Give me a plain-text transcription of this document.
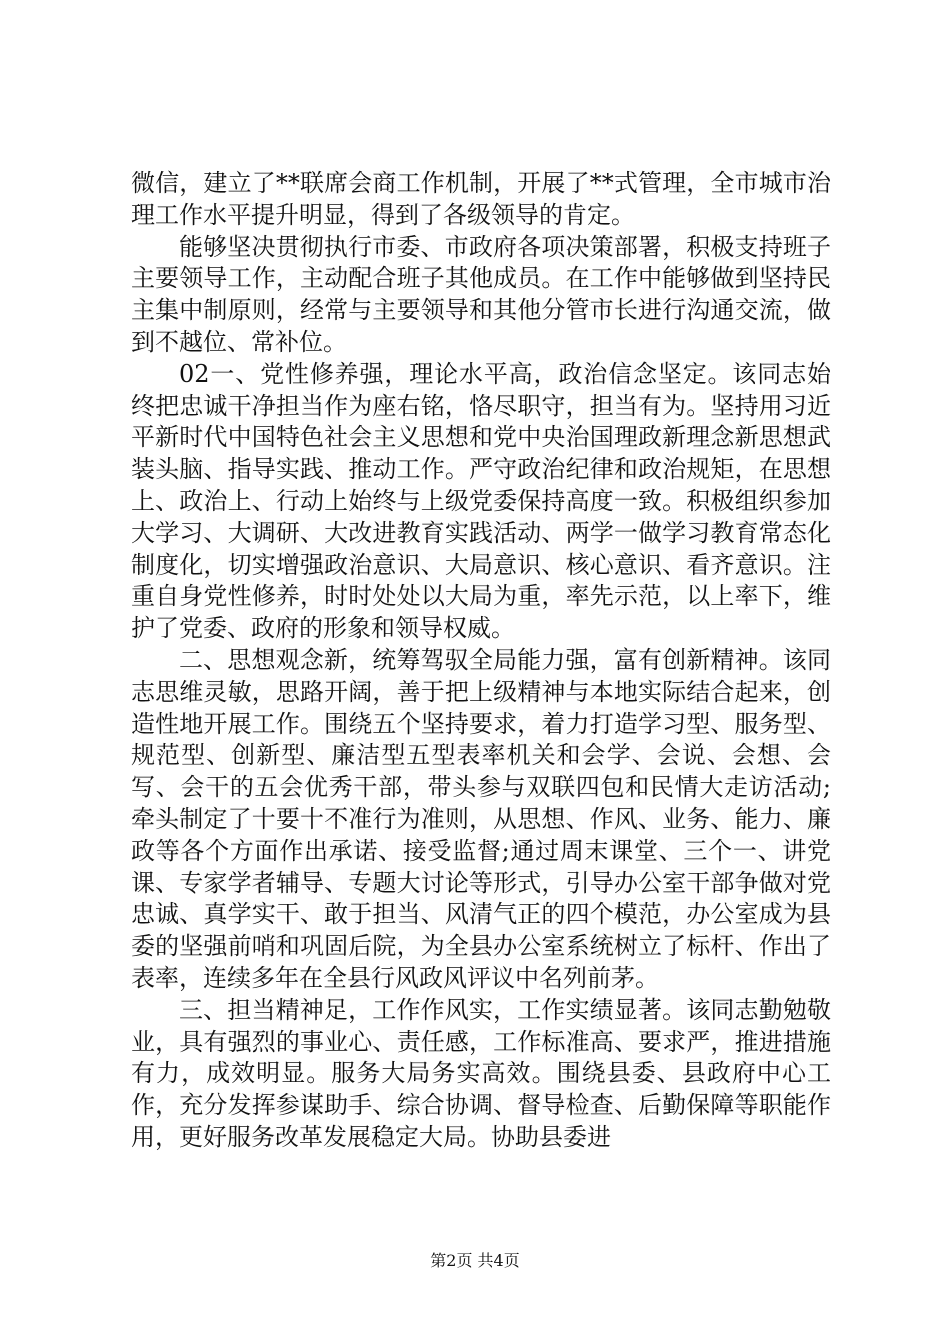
微信，建立了**联席会商工作机制，开展了**式管理，全市城市治理工作水平提升明显，得到了各级领导的肯定。

能够坚决贯彻执行市委、市政府各项决策部署，积极支持班子主要领导工作，主动配合班子其他成员。在工作中能够做到坚持民主集中制原则，经常与主要领导和其他分管市长进行沟通交流，做到不越位、常补位。

02一、党性修养强，理论水平高，政治信念坚定。该同志始终把忠诚干净担当作为座右铭，恪尽职守，担当有为。坚持用习近平新时代中国特色社会主义思想和党中央治国理政新理念新思想武装头脑、指导实践、推动工作。严守政治纪律和政治规矩，在思想上、政治上、行动上始终与上级党委保持高度一致。积极组织参加大学习、大调研、大改进教育实践活动、两学一做学习教育常态化制度化，切实增强政治意识、大局意识、核心意识、看齐意识。注重自身党性修养，时时处处以大局为重，率先示范，以上率下，维护了党委、政府的形象和领导权威。

二、思想观念新，统筹驾驭全局能力强，富有创新精神。该同志思维灵敏，思路开阔，善于把上级精神与本地实际结合起来，创造性地开展工作。围绕五个坚持要求，着力打造学习型、服务型、规范型、创新型、廉洁型五型表率机关和会学、会说、会想、会写、会干的五会优秀干部，带头参与双联四包和民情大走访活动;牵头制定了十要十不准行为准则，从思想、作风、业务、能力、廉政等各个方面作出承诺、接受监督;通过周末课堂、三个一、讲党课、专家学者辅导、专题大讨论等形式，引导办公室干部争做对党忠诚、真学实干、敢于担当、风清气正的四个模范，办公室成为县委的坚强前哨和巩固后院，为全县办公室系统树立了标杆、作出了表率，连续多年在全县行风政风评议中名列前茅。

三、担当精神足，工作作风实，工作实绩显著。该同志勤勉敬业，具有强烈的事业心、责任感，工作标准高、要求严，推进措施有力，成效明显。服务大局务实高效。围绕县委、县政府中心工作，充分发挥参谋助手、综合协调、督导检查、后勤保障等职能作用，更好服务改革发展稳定大局。协助县委进

第2页 共4页
